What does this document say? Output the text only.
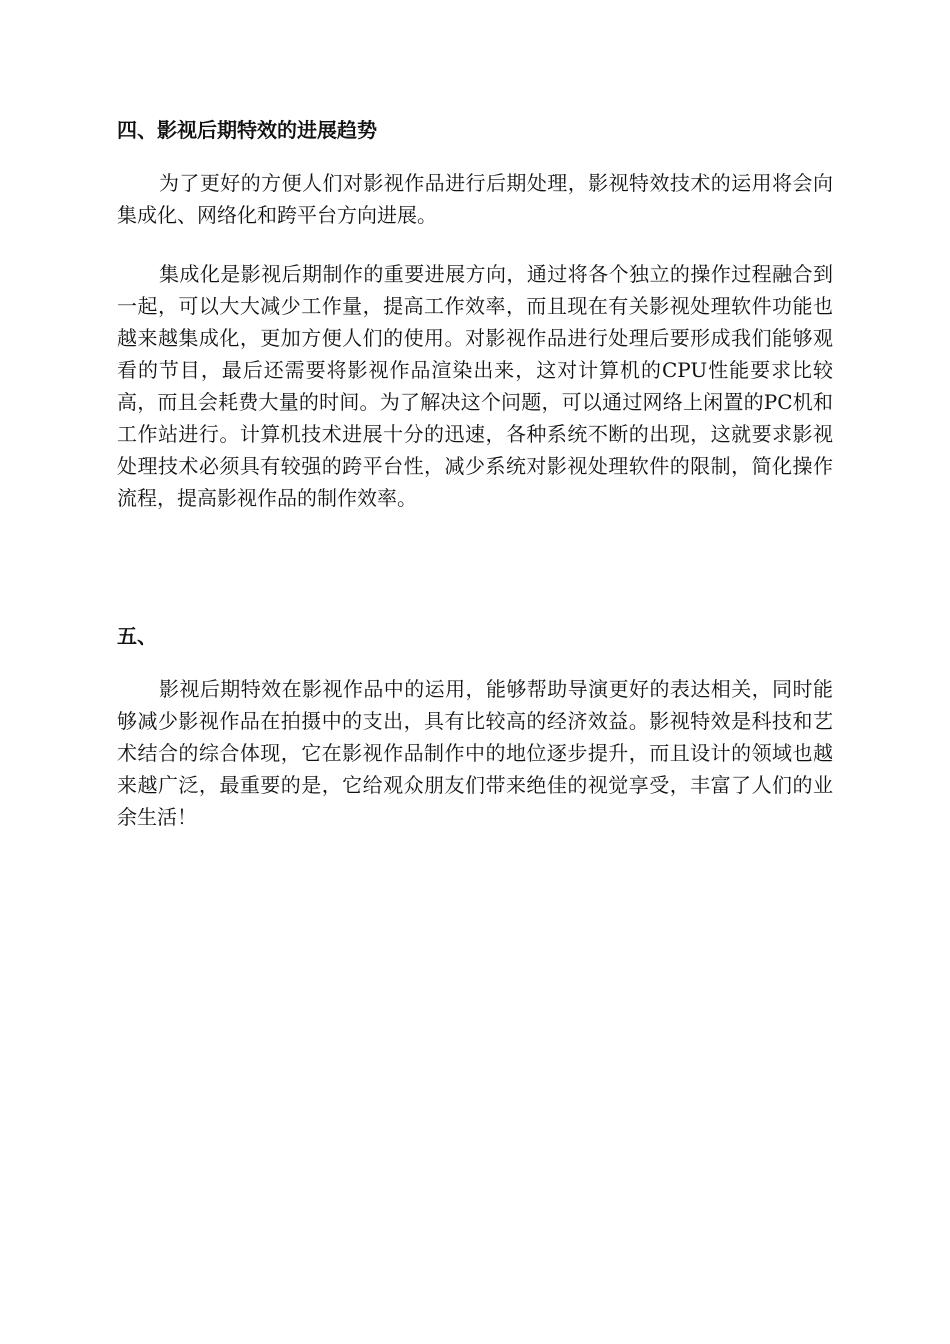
四、影视后期特效的进展趋势

为了更好的方便人们对影视作品进行后期处理，影视特效技术的运用将会向集成化、网络化和跨平台方向进展。

集成化是影视后期制作的重要进展方向，通过将各个独立的操作过程融合到一起，可以大大减少工作量，提高工作效率，而且现在有关影视处理软件功能也越来越集成化，更加方便人们的使用。对影视作品进行处理后要形成我们能够观看的节目，最后还需要将影视作品渲染出来，这对计算机的CPU性能要求比较高，而且会耗费大量的时间。为了解决这个问题，可以通过网络上闲置的PC机和工作站进行。计算机技术进展十分的迅速，各种系统不断的出现，这就要求影视处理技术必须具有较强的跨平台性，减少系统对影视处理软件的限制，简化操作流程，提高影视作品的制作效率。

五、

影视后期特效在影视作品中的运用，能够帮助导演更好的表达相关，同时能够减少影视作品在拍摄中的支出，具有比较高的经济效益。影视特效是科技和艺术结合的综合体现，它在影视作品制作中的地位逐步提升，而且设计的领域也越来越广泛，最重要的是，它给观众朋友们带来绝佳的视觉享受，丰富了人们的业余生活！
